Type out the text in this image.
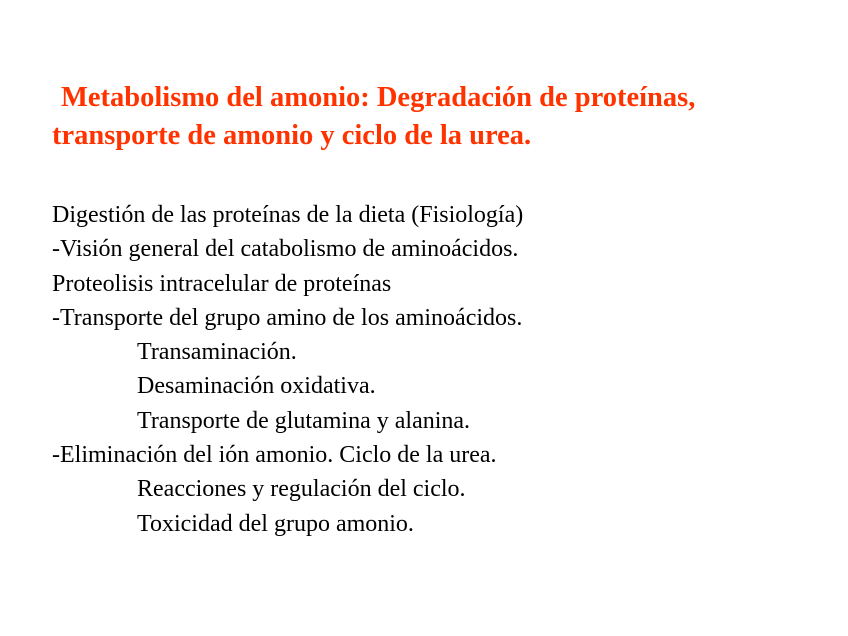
Metabolismo del amonio: Degradación de proteínas,
transporte de amonio y ciclo de la urea.
Digestión de las proteínas de la dieta (Fisiología)
-Visión general del catabolismo de aminoácidos.
Proteolisis intracelular de proteínas
-Transporte del grupo amino de los aminoácidos.
Transaminación.
Desaminación oxidativa.
Transporte de glutamina y alanina.
-Eliminación del ión amonio. Ciclo de la urea.
Reacciones y regulación del ciclo.
Toxicidad del grupo amonio.
